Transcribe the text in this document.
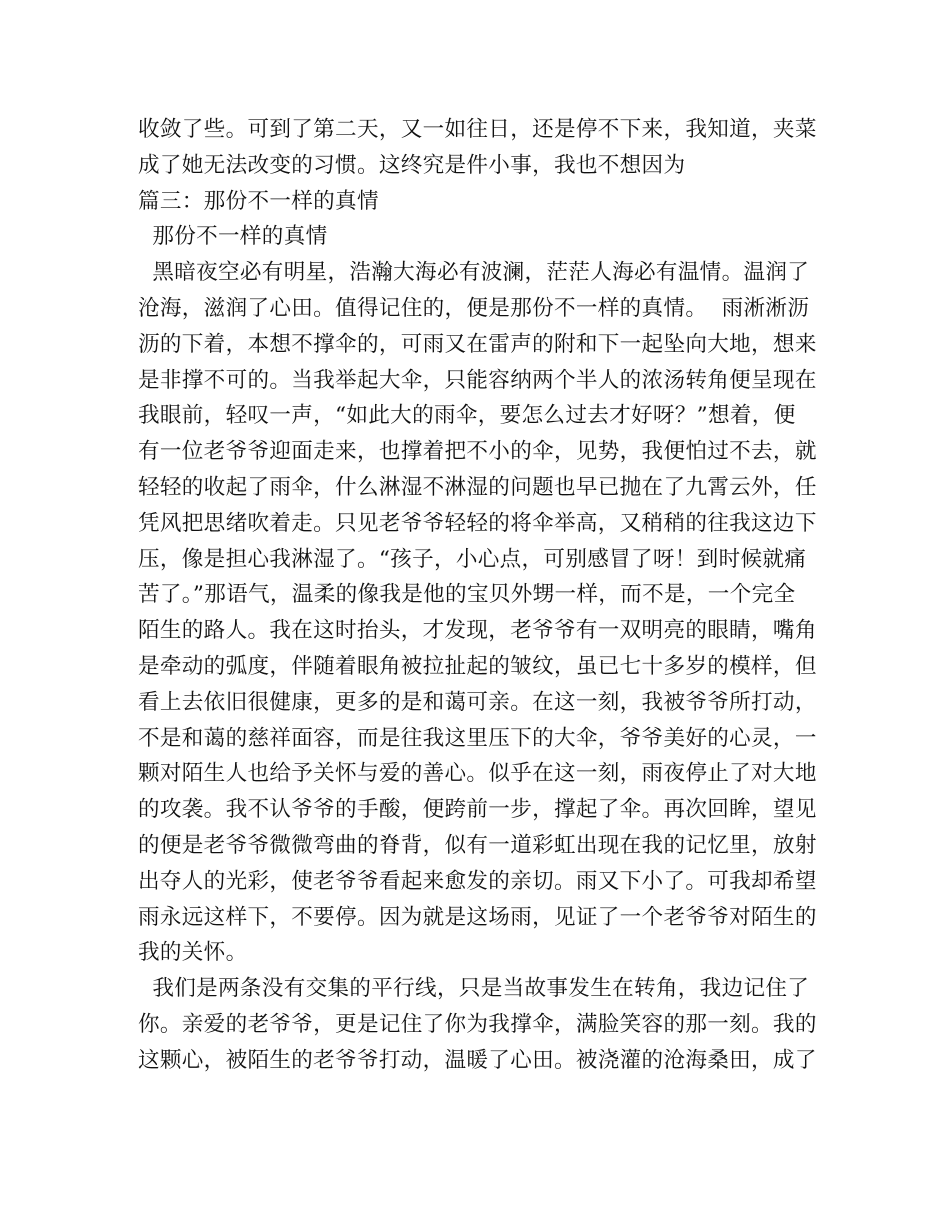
收敛了些。可到了第二天，又一如往日，还是停不下来，我知道，夹菜
成了她无法改变的习惯。这终究是件小事，我也不想因为
篇三：那份不一样的真情
那份不一样的真情
黑暗夜空必有明星，浩瀚大海必有波澜，茫茫人海必有温情。温润了
沧海，滋润了心田。值得记住的，便是那份不一样的真情。  雨淅淅沥
沥的下着，本想不撑伞的，可雨又在雷声的附和下一起坠向大地，想来
是非撑不可的。当我举起大伞，只能容纳两个半人的浓汤转角便呈现在
我眼前，轻叹一声，“如此大的雨伞，要怎么过去才好呀？”想着，便
有一位老爷爷迎面走来，也撑着把不小的伞，见势，我便怕过不去，就
轻轻的收起了雨伞，什么淋湿不淋湿的问题也早已抛在了九霄云外，任
凭风把思绪吹着走。只见老爷爷轻轻的将伞举高，又稍稍的往我这边下
压，像是担心我淋湿了。“孩子，小心点，可别感冒了呀！到时候就痛
苦了。”那语气，温柔的像我是他的宝贝外甥一样，而不是，一个完全
陌生的路人。我在这时抬头，才发现，老爷爷有一双明亮的眼睛，嘴角
是牵动的弧度，伴随着眼角被拉扯起的皱纹，虽已七十多岁的模样，但
看上去依旧很健康，更多的是和蔼可亲。在这一刻，我被爷爷所打动，
不是和蔼的慈祥面容，而是往我这里压下的大伞，爷爷美好的心灵，一
颗对陌生人也给予关怀与爱的善心。似乎在这一刻，雨夜停止了对大地
的攻袭。我不认爷爷的手酸，便跨前一步，撑起了伞。再次回眸，望见
的便是老爷爷微微弯曲的脊背，似有一道彩虹出现在我的记忆里，放射
出夺人的光彩，使老爷爷看起来愈发的亲切。雨又下小了。可我却希望
雨永远这样下，不要停。因为就是这场雨，见证了一个老爷爷对陌生的
我的关怀。
我们是两条没有交集的平行线，只是当故事发生在转角，我边记住了
你。亲爱的老爷爷，更是记住了你为我撑伞，满脸笑容的那一刻。我的
这颗心，被陌生的老爷爷打动，温暖了心田。被浇灌的沧海桑田，成了
